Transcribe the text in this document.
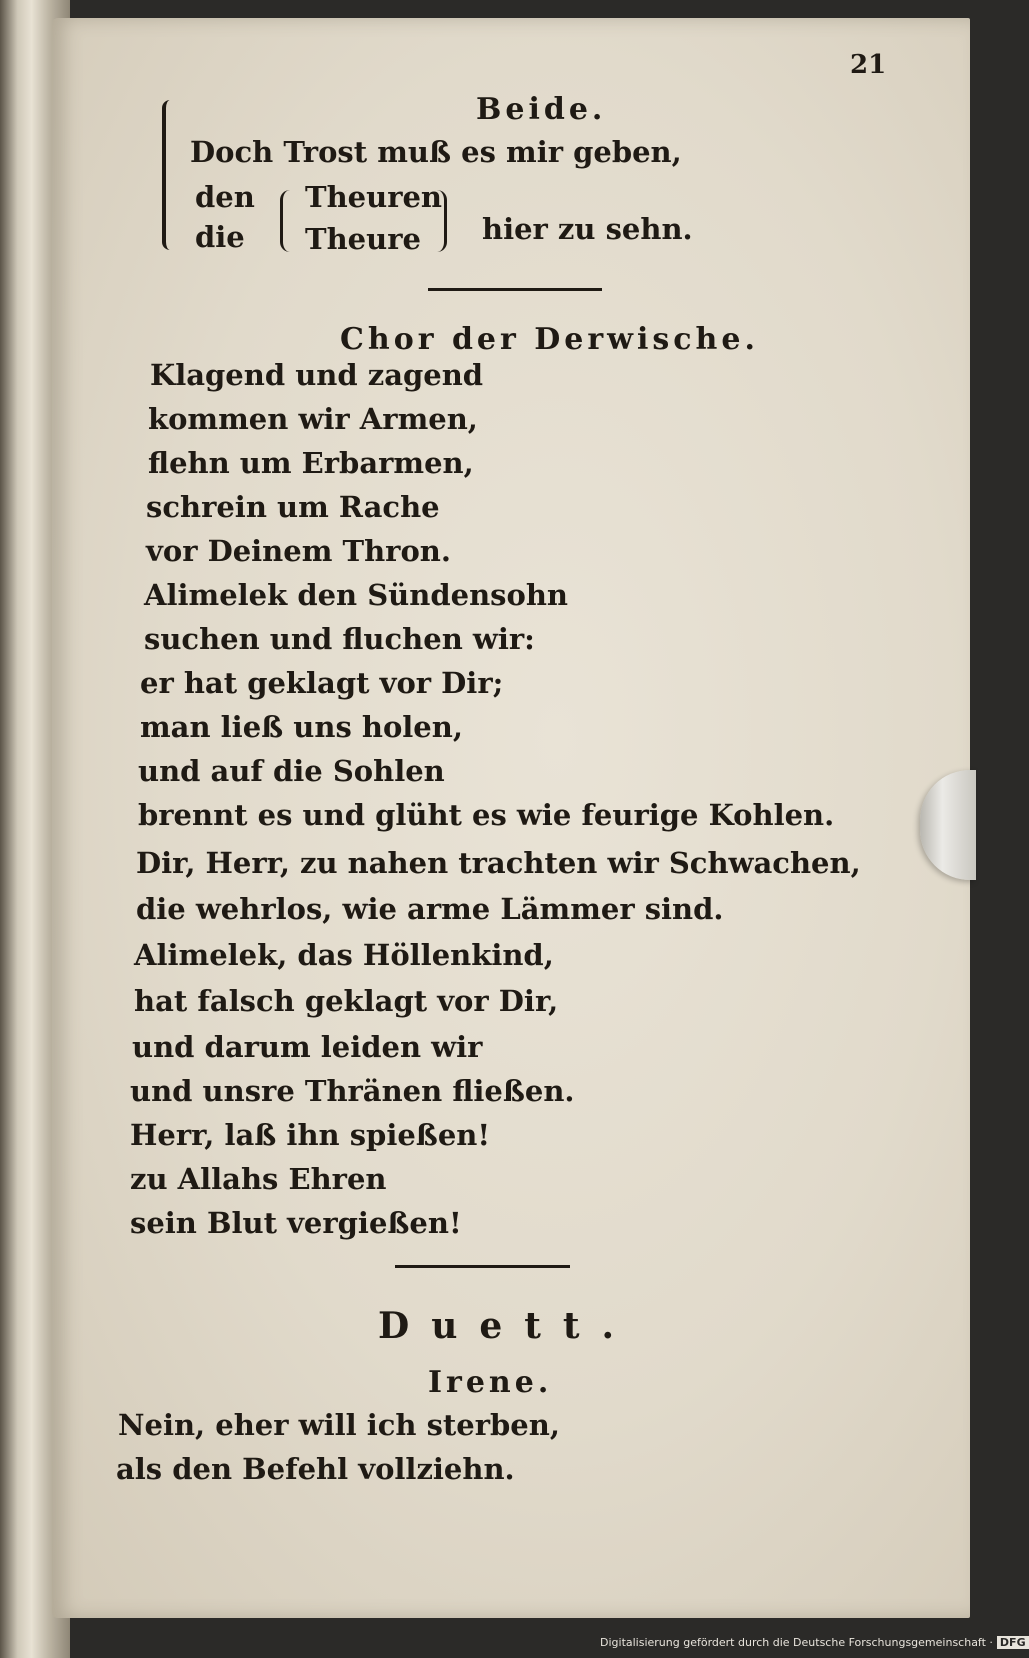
21
Beide.
Doch Trost muß es mir geben,
den
die
Theuren
Theure hier zu sehn.
Chor der Derwische.
Klagend und zagend
kommen wir Armen,
flehn um Erbarmen,
schrein um Rache
vor Deinem Thron.
Alimelek den Sündensohn
suchen und fluchen wir:
er hat geklagt vor Dir;
man ließ uns holen,
und auf die Sohlen
brennt es und glüht es wie feurige Kohlen.
Dir, Herr, zu nahen trachten wir Schwachen,
die wehrlos, wie arme Lämmer sind.
Alimelek, das Höllenkind,
hat falsch geklagt vor Dir,
und darum leiden wir
und unsre Thränen fließen.
Herr, laß ihn spießen!
zu Allahs Ehren
sein Blut vergießen!
Duett.
Irene.
Nein, eher will ich sterben,
als den Befehl vollziehn.
Digitalisierung gefördert durch die Deutsche Forschungsgemeinschaft · DFG
